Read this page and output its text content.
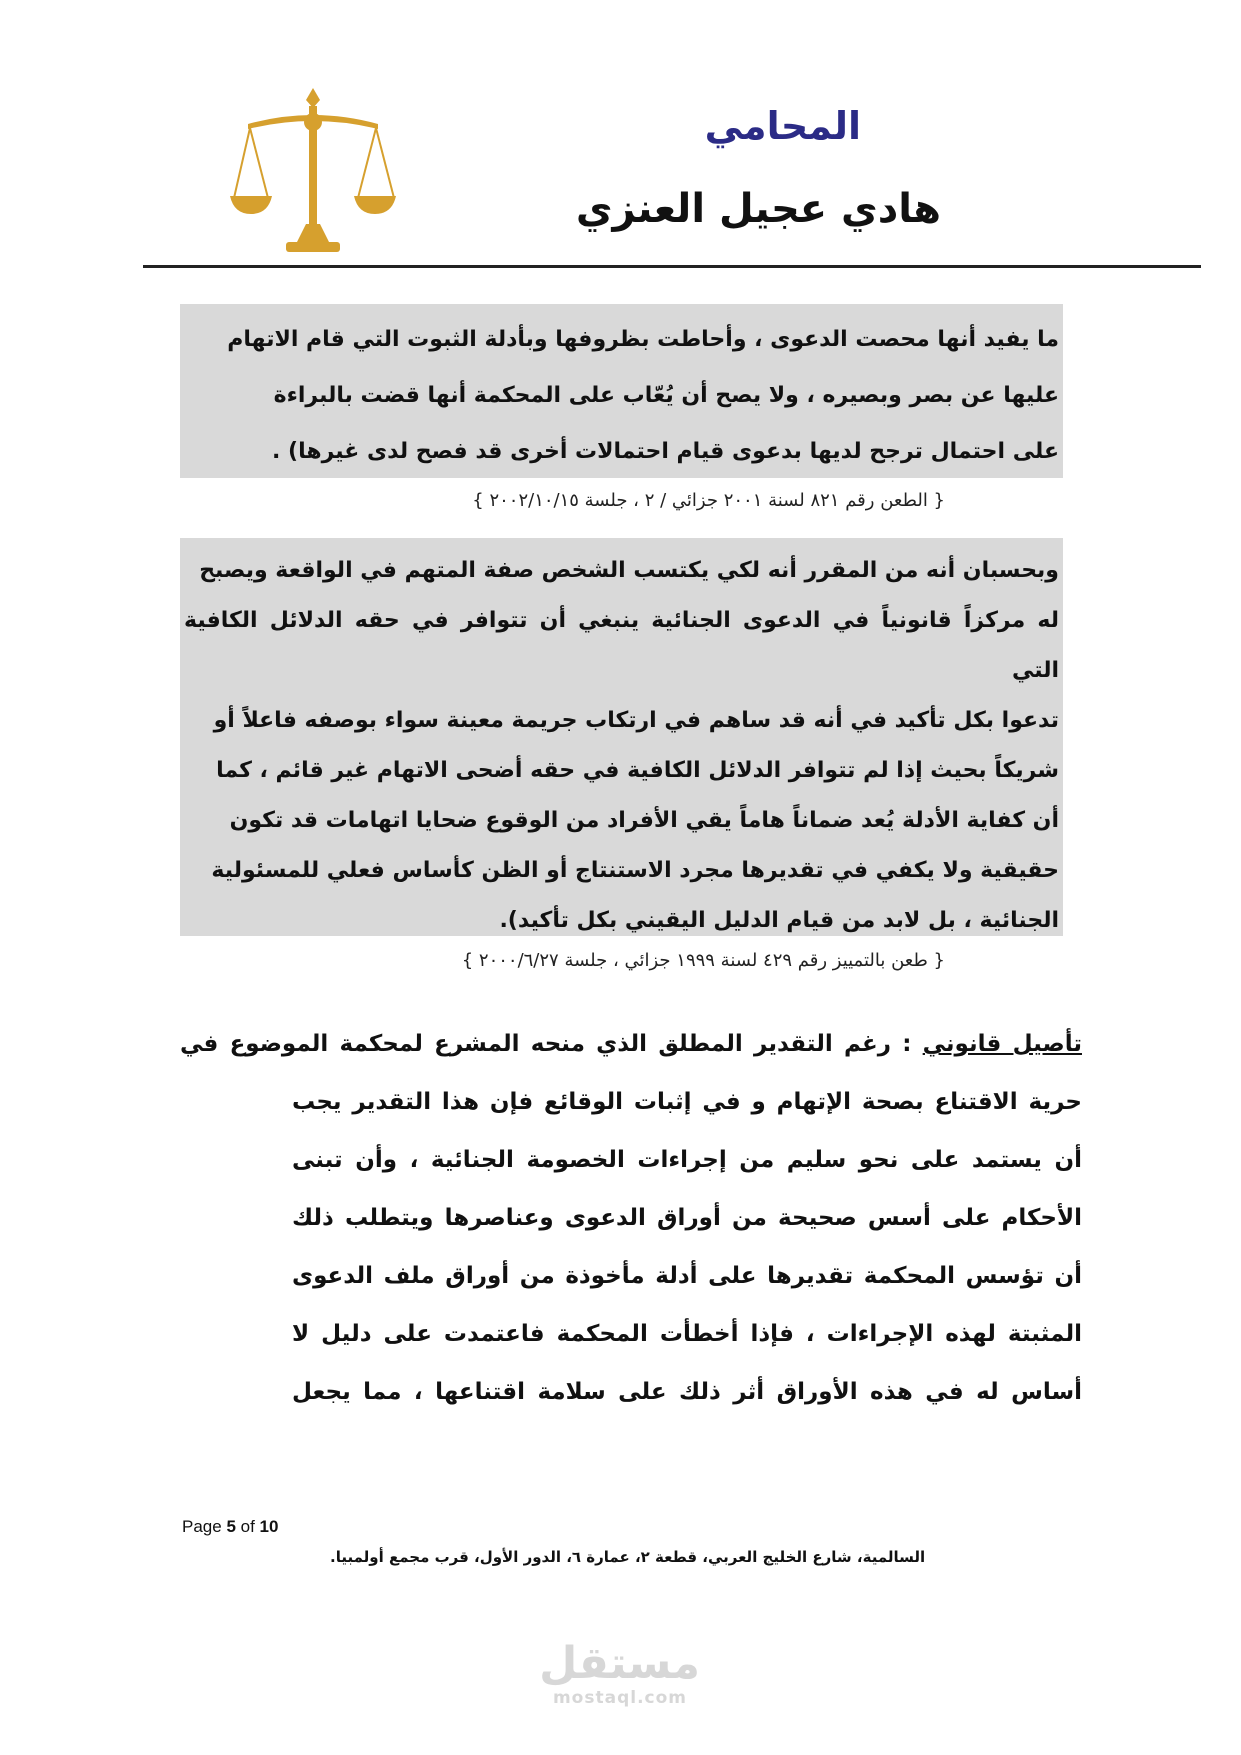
المحامي
هادي عجيل العنزي

ما يفيد أنها محصت الدعوى ، وأحاطت بظروفها وبأدلة الثبوت التي قام الاتهام

عليها عن بصر وبصيره ، ولا يصح أن يُعّاب على المحكمة أنها قضت بالبراءة

على احتمال ترجح لديها بدعوى قيام احتمالات أخرى قد فصح لدى غيرها) .

{ الطعن رقم ٨٢١ لسنة ٢٠٠١ جزائي / ٢ ، جلسة ٢٠٠٢/١٠/١٥ }

وبحسبان أنه من المقرر أنه لكي يكتسب الشخص صفة المتهم في الواقعة ويصبح

له مركزاً قانونياً في الدعوى الجنائية ينبغي أن تتوافر في حقه الدلائل الكافية التي

تدعوا بكل تأكيد في أنه قد ساهم في ارتكاب جريمة معينة سواء بوصفه فاعلاً أو

شريكاً بحيث إذا لم تتوافر الدلائل الكافية في حقه أضحى الاتهام غير قائم ، كما

أن كفاية الأدلة يُعد ضماناً هاماً يقي الأفراد من الوقوع ضحايا اتهامات قد تكون

حقيقية ولا يكفي في تقديرها مجرد الاستنتاج أو الظن كأساس فعلي للمسئولية

الجنائية ، بل لابد من قيام الدليل اليقيني بكل تأكيد).

{ طعن بالتمييز رقم ٤٢٩ لسنة ١٩٩٩ جزائي ، جلسة ٢٠٠٠/٦/٢٧ }
تأصيل قانوني : رغم التقدير المطلق الذي منحه المشرع لمحكمة الموضوع في
حرية الاقتناع بصحة الإتهام و في إثبات الوقائع فإن هذا التقدير يجب
أن يستمد على نحو سليم من إجراءات الخصومة الجنائية ، وأن تبنى
الأحكام على أسس صحيحة من أوراق الدعوى وعناصرها ويتطلب ذلك
أن تؤسس المحكمة تقديرها على أدلة مأخوذة من أوراق ملف الدعوى
المثبتة لهذه الإجراءات ، فإذا أخطأت المحكمة فاعتمدت على دليل لا
أساس له في هذه الأوراق أثر ذلك على سلامة اقتناعها ، مما يجعل
Page 5 of 10
السالمية، شارع الخليج العربي، قطعة ٢، عمارة ٦، الدور الأول، قرب مجمع أولمبيا.
مستقل
mostaql.com
